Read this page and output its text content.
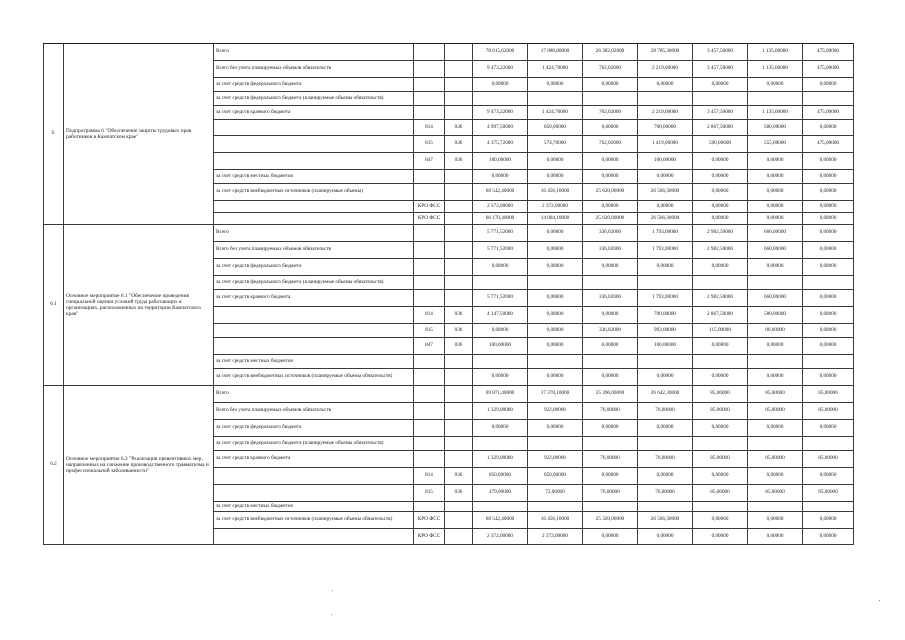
6.	Подпрограмма 6 "Обеспечение защиты трудовых прав работников в Камчатском крае"	Всего			78 015,62000	17 880,80000	26 382,02000	28 785,30000	3 457,50000	1 135,00000	475,00000
		Всего без учета планируемых объемов обязательств			9 473,22000	1 424,70000	762,02000	2 219,00000	3 457,50000	1 135,00000	475,00000
		за счет средств федерального бюджета			0,00000	0,00000	0,00000	0,00000	0,00000	0,00000	0,00000
		за счет средств федерального бюджета (планируемые объемы обязательств)									
		за счет средств краевого бюджета			9 473,22000	1 424,70000	762,02000	2 219,00000	3 457,50000	1 135,00000	475,00000
			814	036	4 997,50000	850,00000	0,00000	700,00000	2 867,50000	580,00000	0,00000
			815	036	4 375,72000	574,70000	762,02000	1 419,00000	590,00000	555,00000	475,00000
			847	036	100,00000	0,00000	0,00000	100,00000	0,00000	0,00000	0,00000
		за счет средств местных бюджетов			0,00000	0,00000	0,00000	0,00000	0,00000	0,00000	0,00000
		за счет средств внебюджетных источников (планируемые объемы)			68 542,40000	16 456,10000	25 620,00000	26 566,30000	0,00000	0,00000	0,00000
			КРО ФСС		2 372,00000	2 372,00000	0,00000	0,00000	0,00000	0,00000	0,00000
			КРО ФСС		66 170,40000	14 084,10000	25 620,00000	26 566,30000	0,00000	0,00000	0,00000
6.1	Основное мероприятие 6.1 "Обеспечение проведения специальной оценки условий труда работающих в организациях, расположенных на территории Камчатского края"	Всего			5 771,52000	0,00000	336,02000	1 793,00000	2 982,50000	660,00000	0,00000
		Всего без учета планируемых объемов обязательств			5 771,52000	0,00000	336,02000	1 793,00000	2 982,50000	660,00000	0,00000
		за счет средств федерального бюджета			0,00000	0,00000	0,00000	0,00000	0,00000	0,00000	0,00000
		за счет средств федерального бюджета (планируемые объемы обязательств)									
		за счет средств краевого бюджета			5 771,52000	0,00000	336,02000	1 793,00000	2 982,50000	660,00000	0,00000
			814	036	4 147,50000	0,00000	0,00000	700,00000	2 867,50000	580,00000	0,00000
			815	036	0,00000	0,00000	336,02000	993,00000	115,00000	80,00000	0,00000
			847	036	100,00000	0,00000	0,00000	100,00000	0,00000	0,00000	0,00000
		за счет средств местных бюджетов									
		за счет средств внебюджетных источников (планируемые объемы обязательств)			0,00000	0,00000	0,00000	0,00000	0,00000	0,00000	0,00000
6.2	Основное мероприятие 6.2 "Реализация превентивных мер, направленных на снижение производственного травматизма и профессиональной заболеваемости"	Всего			69 871,40000	17 378,10000	25 396,00000	26 642,30000	85,00000	85,00000	85,00000
		Всего без учета планируемых объемов обязательств			1 329,00000	922,00000	76,00000	76,00000	85,00000	85,00000	85,00000
		за счет средств федерального бюджета			0,00000	0,00000	0,00000	0,00000	0,00000	0,00000	0,00000
		за счет средств федерального бюджета (планируемые объемы обязательств)									
		за счет средств краевого бюджета			1 329,00000	922,00000	76,00000	76,00000	85,00000	85,00000	85,00000
			814	036	850,00000	850,00000	0,00000	0,00000	0,00000	0,00000	0,00000
			815	036	479,00000	72,00000	76,00000	76,00000	85,00000	85,00000	85,00000
		за счет средств местных бюджетов									
		за счет средств внебюджетных источников (планируемые объемы обязательств)	КРО ФСС		68 542,40000	16 456,10000	25 320,00000	26 566,30000	0,00000	0,00000	0,00000
			КРО ФСС		2 372,00000	2 372,00000	0,00000	0,00000	0,00000	0,00000	0,00000
